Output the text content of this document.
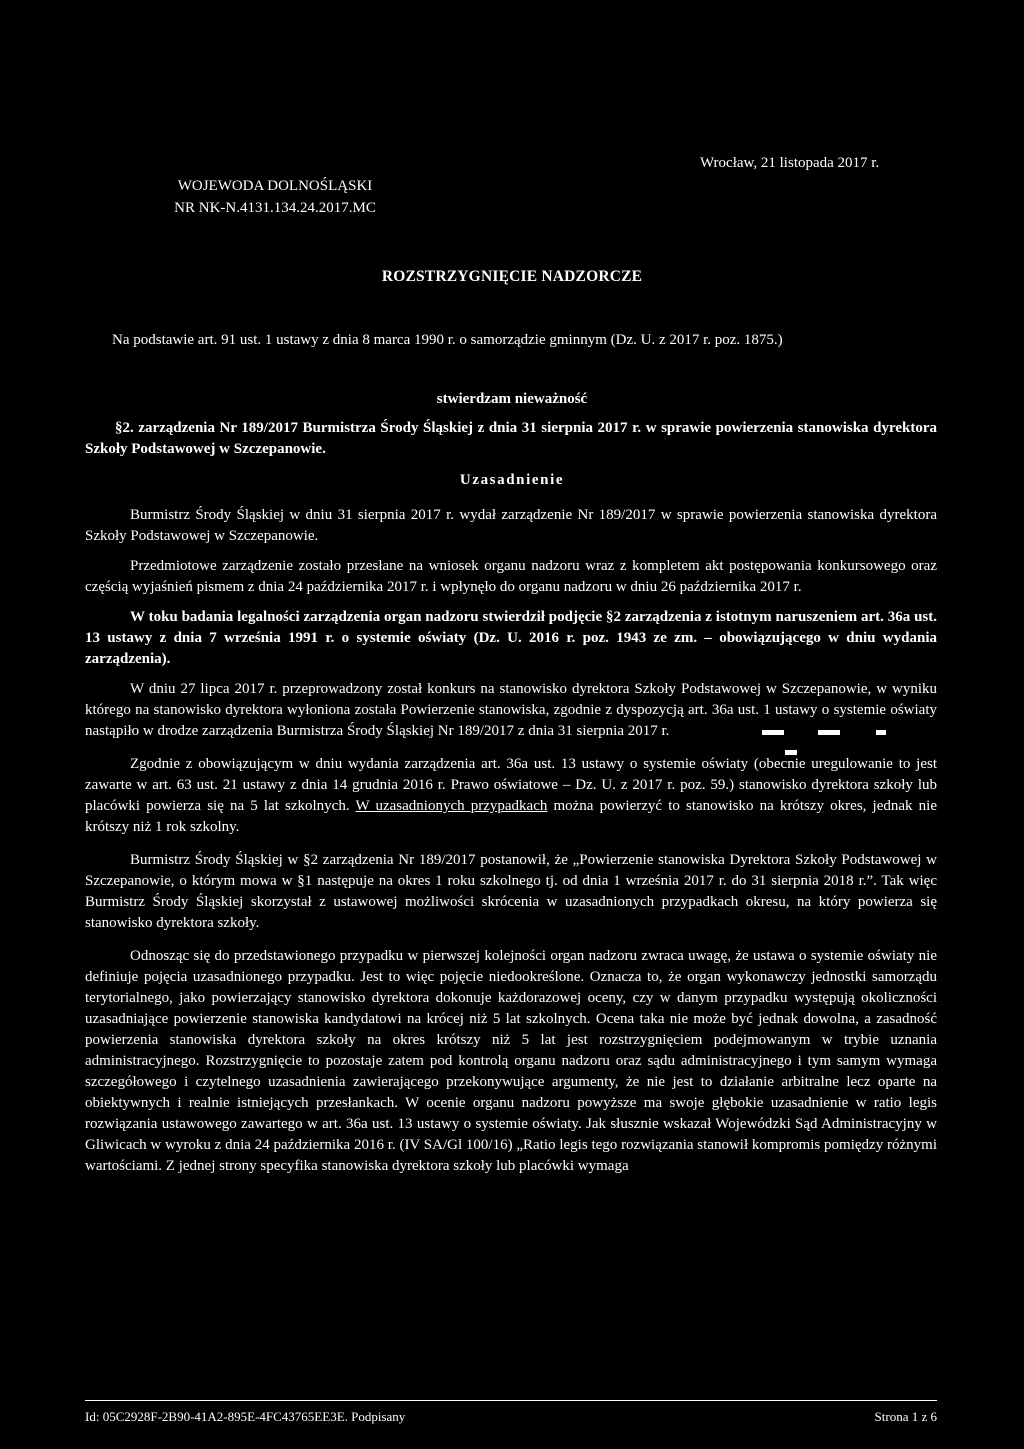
WOJEWODA DOLNOŚLĄSKI
NR NK-N.4131.134.24.2017.MC
Wrocław, 21 listopada 2017 r.
ROZSTRZYGNIĘCIE NADZORCZE

Na podstawie art. 91 ust. 1 ustawy z dnia 8 marca 1990 r. o samorządzie gminnym (Dz. U. z 2017 r. poz. 1875.)

stwierdzam nieważność

§2. zarządzenia Nr 189/2017 Burmistrza Środy Śląskiej z dnia 31 sierpnia 2017 r. w sprawie powierzenia stanowiska dyrektora Szkoły Podstawowej w Szczepanowie.

Uzasadnienie

Burmistrz Środy Śląskiej w dniu 31 sierpnia 2017 r. wydał zarządzenie Nr 189/2017 w sprawie powierzenia stanowiska dyrektora Szkoły Podstawowej w Szczepanowie.

Przedmiotowe zarządzenie zostało przesłane na wniosek organu nadzoru wraz z kompletem akt postępowania konkursowego oraz częścią wyjaśnień pismem z dnia 24 października 2017 r. i wpłynęło do organu nadzoru w dniu 26 października 2017 r.

W toku badania legalności zarządzenia organ nadzoru stwierdził podjęcie §2 zarządzenia z istotnym naruszeniem art. 36a ust. 13 ustawy z dnia 7 września 1991 r. o systemie oświaty (Dz. U. 2016 r. poz. 1943 ze zm. – obowiązującego w dniu wydania zarządzenia).

W dniu 27 lipca 2017 r. przeprowadzony został konkurs na stanowisko dyrektora Szkoły Podstawowej w Szczepanowie, w wyniku którego na stanowisko dyrektora wyłoniona została Powierzenie stanowiska, zgodnie z dyspozycją art. 36a ust. 1 ustawy o systemie oświaty nastąpiło w drodze zarządzenia Burmistrza Środy Śląskiej Nr 189/2017 z dnia 31 sierpnia 2017 r.

Zgodnie z obowiązującym w dniu wydania zarządzenia art. 36a ust. 13 ustawy o systemie oświaty (obecnie uregulowanie to jest zawarte w art. 63 ust. 21 ustawy z dnia 14 grudnia 2016 r. Prawo oświatowe – Dz. U. z 2017 r. poz. 59.) stanowisko dyrektora szkoły lub placówki powierza się na 5 lat szkolnych. W uzasadnionych przypadkach można powierzyć to stanowisko na krótszy okres, jednak nie krótszy niż 1 rok szkolny.

Burmistrz Środy Śląskiej w §2 zarządzenia Nr 189/2017 postanowił, że „Powierzenie stanowiska Dyrektora Szkoły Podstawowej w Szczepanowie, o którym mowa w §1 następuje na okres 1 roku szkolnego tj. od dnia 1 września 2017 r. do 31 sierpnia 2018 r.”. Tak więc Burmistrz Środy Śląskiej skorzystał z ustawowej możliwości skrócenia w uzasadnionych przypadkach okresu, na który powierza się stanowisko dyrektora szkoły.

Odnosząc się do przedstawionego przypadku w pierwszej kolejności organ nadzoru zwraca uwagę, że ustawa o systemie oświaty nie definiuje pojęcia uzasadnionego przypadku. Jest to więc pojęcie niedookreślone. Oznacza to, że organ wykonawczy jednostki samorządu terytorialnego, jako powierzający stanowisko dyrektora dokonuje każdorazowej oceny, czy w danym przypadku występują okoliczności uzasadniające powierzenie stanowiska kandydatowi na krócej niż 5 lat szkolnych. Ocena taka nie może być jednak dowolna, a zasadność powierzenia stanowiska dyrektora szkoły na okres krótszy niż 5 lat jest rozstrzygnięciem podejmowanym w trybie uznania administracyjnego. Rozstrzygnięcie to pozostaje zatem pod kontrolą organu nadzoru oraz sądu administracyjnego i tym samym wymaga szczegółowego i czytelnego uzasadnienia zawierającego przekonywujące argumenty, że nie jest to działanie arbitralne lecz oparte na obiektywnych i realnie istniejących przesłankach. W ocenie organu nadzoru powyższe ma swoje głębokie uzasadnienie w ratio legis rozwiązania ustawowego zawartego w art. 36a ust. 13 ustawy o systemie oświaty. Jak słusznie wskazał Wojewódzki Sąd Administracyjny w Gliwicach w wyroku z dnia 24 października 2016 r. (IV SA/Gl 100/16) „Ratio legis tego rozwiązania stanowił kompromis pomiędzy różnymi wartościami. Z jednej strony specyfika stanowiska dyrektora szkoły lub placówki wymaga

Id: 05C2928F-2B90-41A2-895E-4FC43765EE3E. Podpisany	Strona 1 z 6
